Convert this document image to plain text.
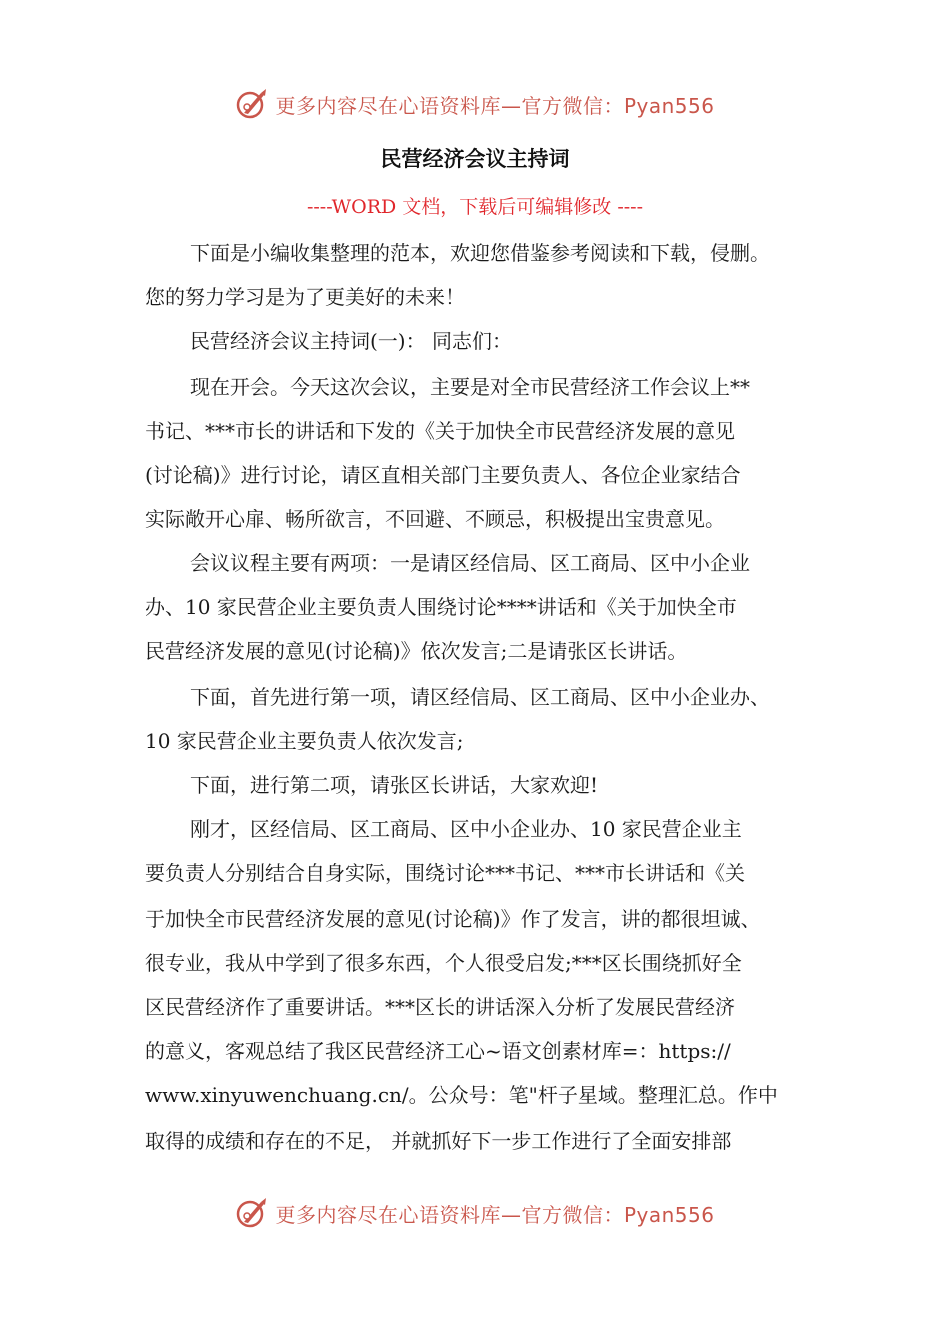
更多内容尽在心语资料库—官方微信：Pyan556
民营经济会议主持词

----WORD 文档，下载后可编辑修改 ----

下面是小编收集整理的范本，欢迎您借鉴参考阅读和下载，侵删。

您的努力学习是为了更美好的未来！

民营经济会议主持词(一)： 同志们：

现在开会。今天这次会议，主要是对全市民营经济工作会议上**

书记、***市长的讲话和下发的《关于加快全市民营经济发展的意见

(讨论稿)》进行讨论，请区直相关部门主要负责人、各位企业家结合

实际敞开心扉、畅所欲言，不回避、不顾忌，积极提出宝贵意见。

会议议程主要有两项：一是请区经信局、区工商局、区中小企业

办、10 家民营企业主要负责人围绕讨论****讲话和《关于加快全市

民营经济发展的意见(讨论稿)》依次发言;二是请张区长讲话。

下面，首先进行第一项，请区经信局、区工商局、区中小企业办、

10 家民营企业主要负责人依次发言;

下面，进行第二项，请张区长讲话，大家欢迎!

刚才，区经信局、区工商局、区中小企业办、10 家民营企业主

要负责人分别结合自身实际，围绕讨论***书记、***市长讲话和《关

于加快全市民营经济发展的意见(讨论稿)》作了发言，讲的都很坦诚、

很专业，我从中学到了很多东西，个人很受启发;***区长围绕抓好全

区民营经济作了重要讲话。***区长的讲话深入分析了发展民营经济

的意义，客观总结了我区民营经济工心~语文创素材库=：https://

www.xinyuwenchuang.cn/。公众号：笔"杆子星域。整理汇总。作中

取得的成绩和存在的不足， 并就抓好下一步工作进行了全面安排部

更多内容尽在心语资料库—官方微信：Pyan556
